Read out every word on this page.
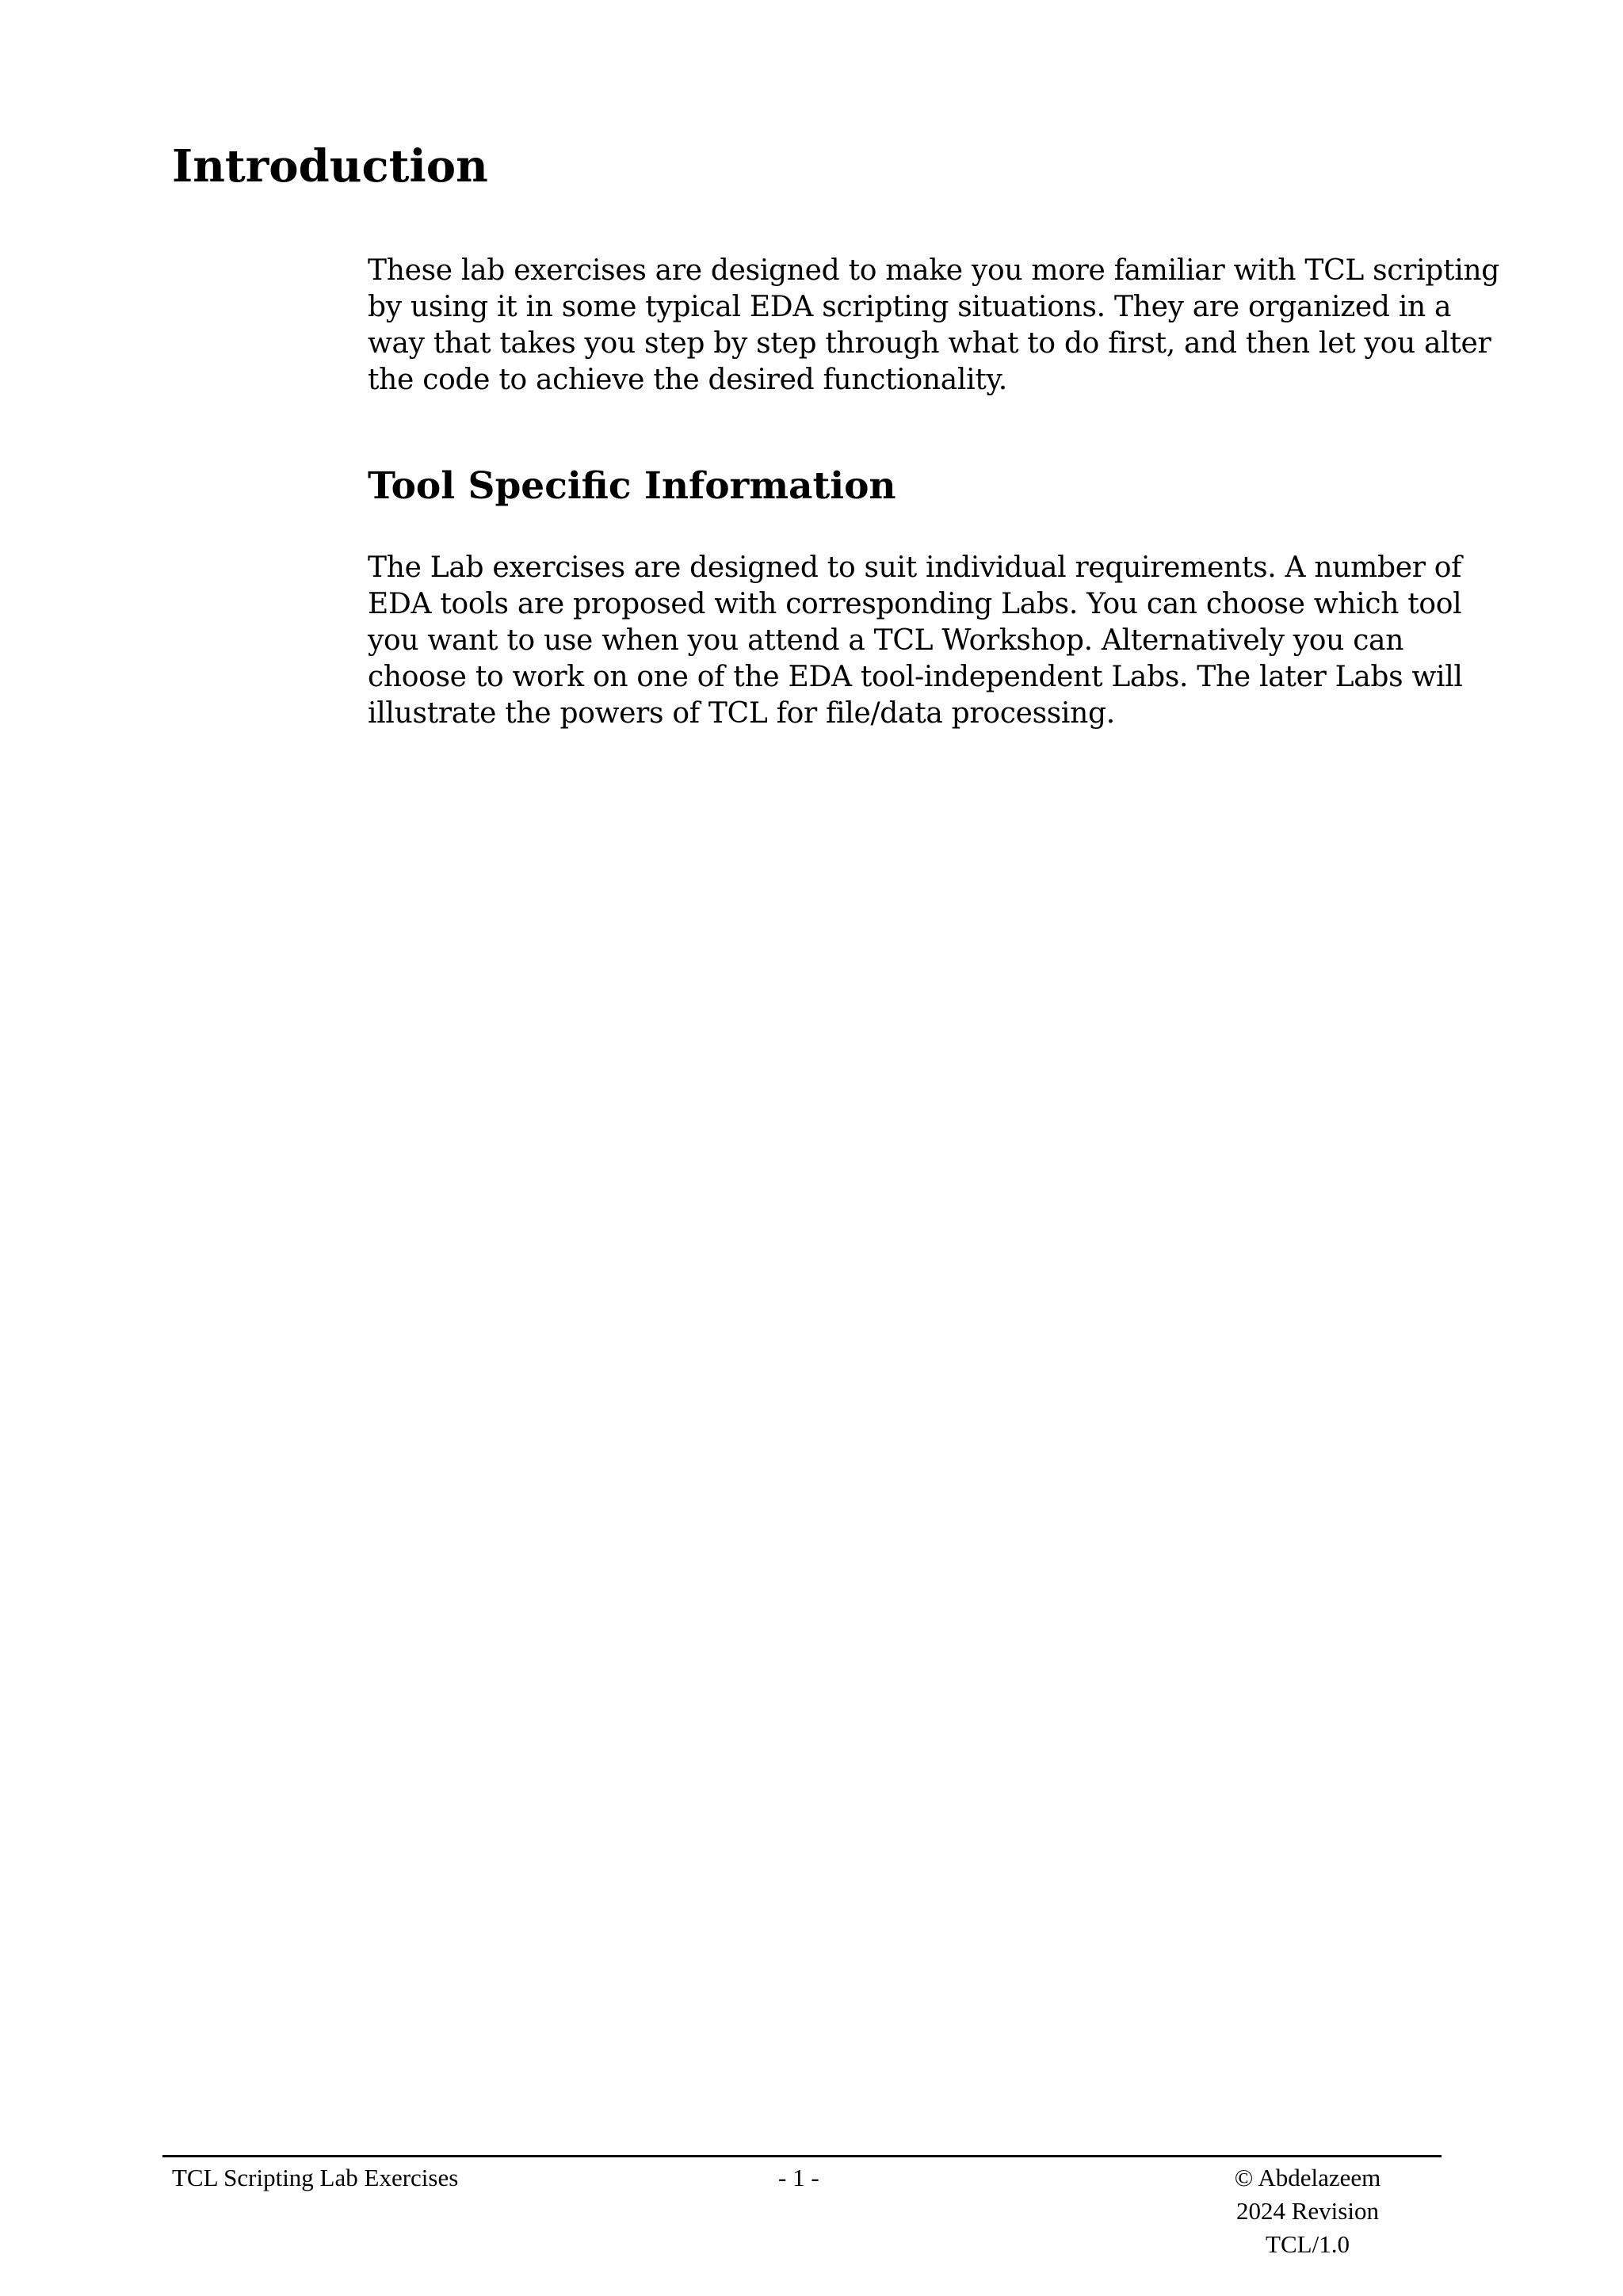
Introduction

These lab exercises are designed to make you more familiar with TCL scripting
by using it in some typical EDA scripting situations. They are organized in a
way that takes you step by step through what to do first, and then let you alter
the code to achieve the desired functionality.

Tool Specific Information

The Lab exercises are designed to suit individual requirements. A number of
EDA tools are proposed with corresponding Labs. You can choose which tool
you want to use when you attend a TCL Workshop. Alternatively you can
choose to work on one of the EDA tool-independent Labs. The later Labs will
illustrate the powers of TCL for file/data processing.

TCL Scripting Lab Exercises	- 1 -	© Abdelazeem
2024 Revision
TCL/1.0
